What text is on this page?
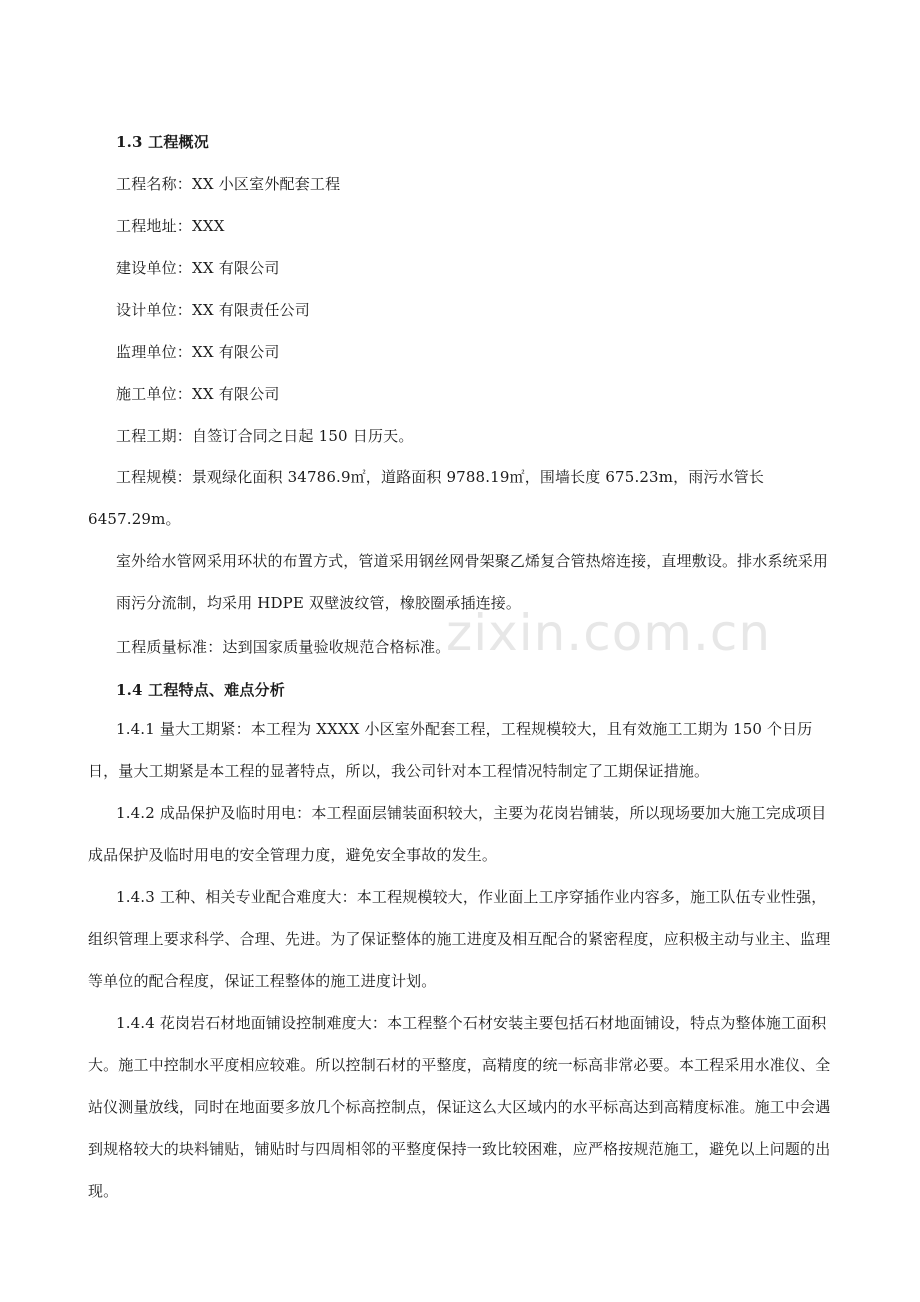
1.3 工程概况
工程名称：XX 小区室外配套工程
工程地址：XXX
建设单位：XX 有限公司
设计单位：XX 有限责任公司
监理单位：XX 有限公司
施工单位：XX 有限公司
工程工期：自签订合同之日起 150 日历天。
工程规模：景观绿化面积 34786.9㎡，道路面积 9788.19㎡，围墙长度 675.23m，雨污水管长 6457.29m。
室外给水管网采用环状的布置方式，管道采用钢丝网骨架聚乙烯复合管热熔连接，直埋敷设。排水系统采用雨污分流制，均采用 HDPE 双壁波纹管，橡胶圈承插连接。
工程质量标准：达到国家质量验收规范合格标准。
1.4 工程特点、难点分析
1.4.1 量大工期紧：本工程为 XXXX 小区室外配套工程，工程规模较大，且有效施工工期为 150 个日历日，量大工期紧是本工程的显著特点，所以，我公司针对本工程情况特制定了工期保证措施。
1.4.2 成品保护及临时用电：本工程面层铺装面积较大，主要为花岗岩铺装，所以现场要加大施工完成项目成品保护及临时用电的安全管理力度，避免安全事故的发生。
1.4.3 工种、相关专业配合难度大：本工程规模较大，作业面上工序穿插作业内容多，施工队伍专业性强，组织管理上要求科学、合理、先进。为了保证整体的施工进度及相互配合的紧密程度，应积极主动与业主、监理等单位的配合程度，保证工程整体的施工进度计划。
1.4.4 花岗岩石材地面铺设控制难度大：本工程整个石材安装主要包括石材地面铺设，特点为整体施工面积大。施工中控制水平度相应较难。所以控制石材的平整度，高精度的统一标高非常必要。本工程采用水准仪、全站仪测量放线，同时在地面要多放几个标高控制点，保证这么大区域内的水平标高达到高精度标准。施工中会遇到规格较大的块料铺贴，铺贴时与四周相邻的平整度保持一致比较困难，应严格按规范施工，避免以上问题的出现。
zixin.com.cn
